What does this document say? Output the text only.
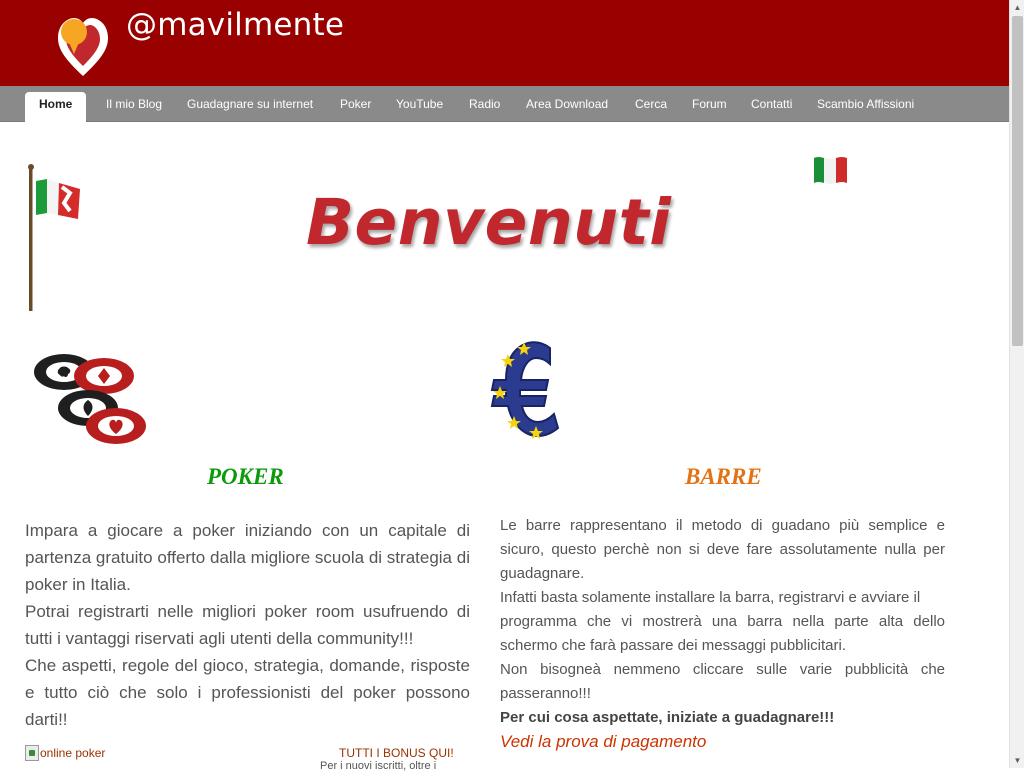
@mavilmente
Home	Il mio Blog Guadagnare su internet Poker YouTube Radio Area Download Cerca Forum Contatti Scambio Affissioni
▲
▼
Benvenuti
POKER	BARRE

Impara a giocare a poker iniziando con un capitale di partenza gratuito offerto dalla migliore scuola di strategia di poker in Italia.

Potrai registrarti nelle migliori poker room usufruendo di tutti i vantaggi riservati agli utenti della community!!!

Che aspetti, regole del gioco, strategia, domande, risposte e tutto ciò che solo i professionisti del poker possono darti!!

online poker	TUTTI I BONUS QUI!
Per i nuovi iscritti, oltre i

Le barre rappresentano il metodo di guadano più semplice e sicuro, questo perchè non si deve fare assolutamente nulla per guadagnare.

Infatti basta solamente installare la barra, registrarvi e avviare il

programma che vi mostrerà una barra nella parte alta dello schermo che farà passare dei messaggi pubblicitari.

Non bisogneà nemmeno cliccare sulle varie pubblicità che passeranno!!!

Per cui cosa aspettate, iniziate a guadagnare!!!

Vedi la prova di pagamento
